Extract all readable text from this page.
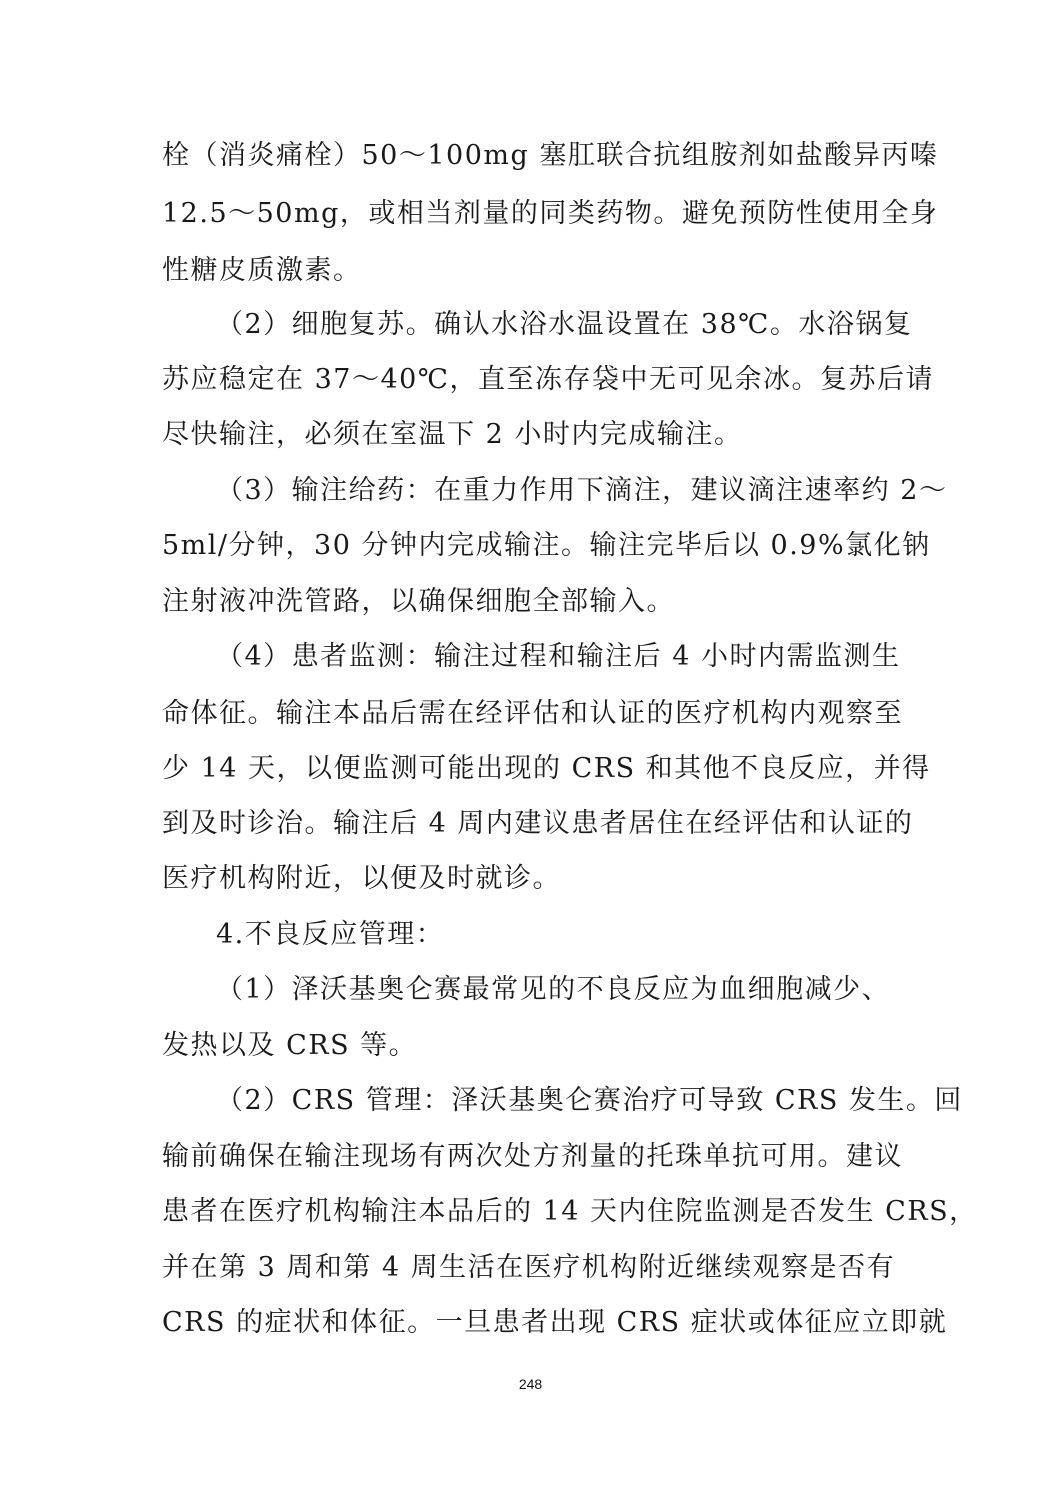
栓（消炎痛栓）50～100mg 塞肛联合抗组胺剂如盐酸异丙嗪
12.5～50mg，或相当剂量的同类药物。避免预防性使用全身
性糖皮质激素。
（2）细胞复苏。确认水浴水温设置在 38℃。水浴锅复
苏应稳定在 37～40℃，直至冻存袋中无可见余冰。复苏后请
尽快输注，必须在室温下 2 小时内完成输注。
（3）输注给药：在重力作用下滴注，建议滴注速率约 2～
5ml/分钟，30 分钟内完成输注。输注完毕后以 0.9%氯化钠
注射液冲洗管路，以确保细胞全部输入。
（4）患者监测：输注过程和输注后 4 小时内需监测生
命体征。输注本品后需在经评估和认证的医疗机构内观察至
少 14 天，以便监测可能出现的 CRS 和其他不良反应，并得
到及时诊治。输注后 4 周内建议患者居住在经评估和认证的
医疗机构附近，以便及时就诊。
4.不良反应管理：
（1）泽沃基奥仑赛最常见的不良反应为血细胞减少、
发热以及 CRS 等。
（2）CRS 管理：泽沃基奥仑赛治疗可导致 CRS 发生。回
输前确保在输注现场有两次处方剂量的托珠单抗可用。建议
患者在医疗机构输注本品后的 14 天内住院监测是否发生 CRS，
并在第 3 周和第 4 周生活在医疗机构附近继续观察是否有
CRS 的症状和体征。一旦患者出现 CRS 症状或体征应立即就
248
